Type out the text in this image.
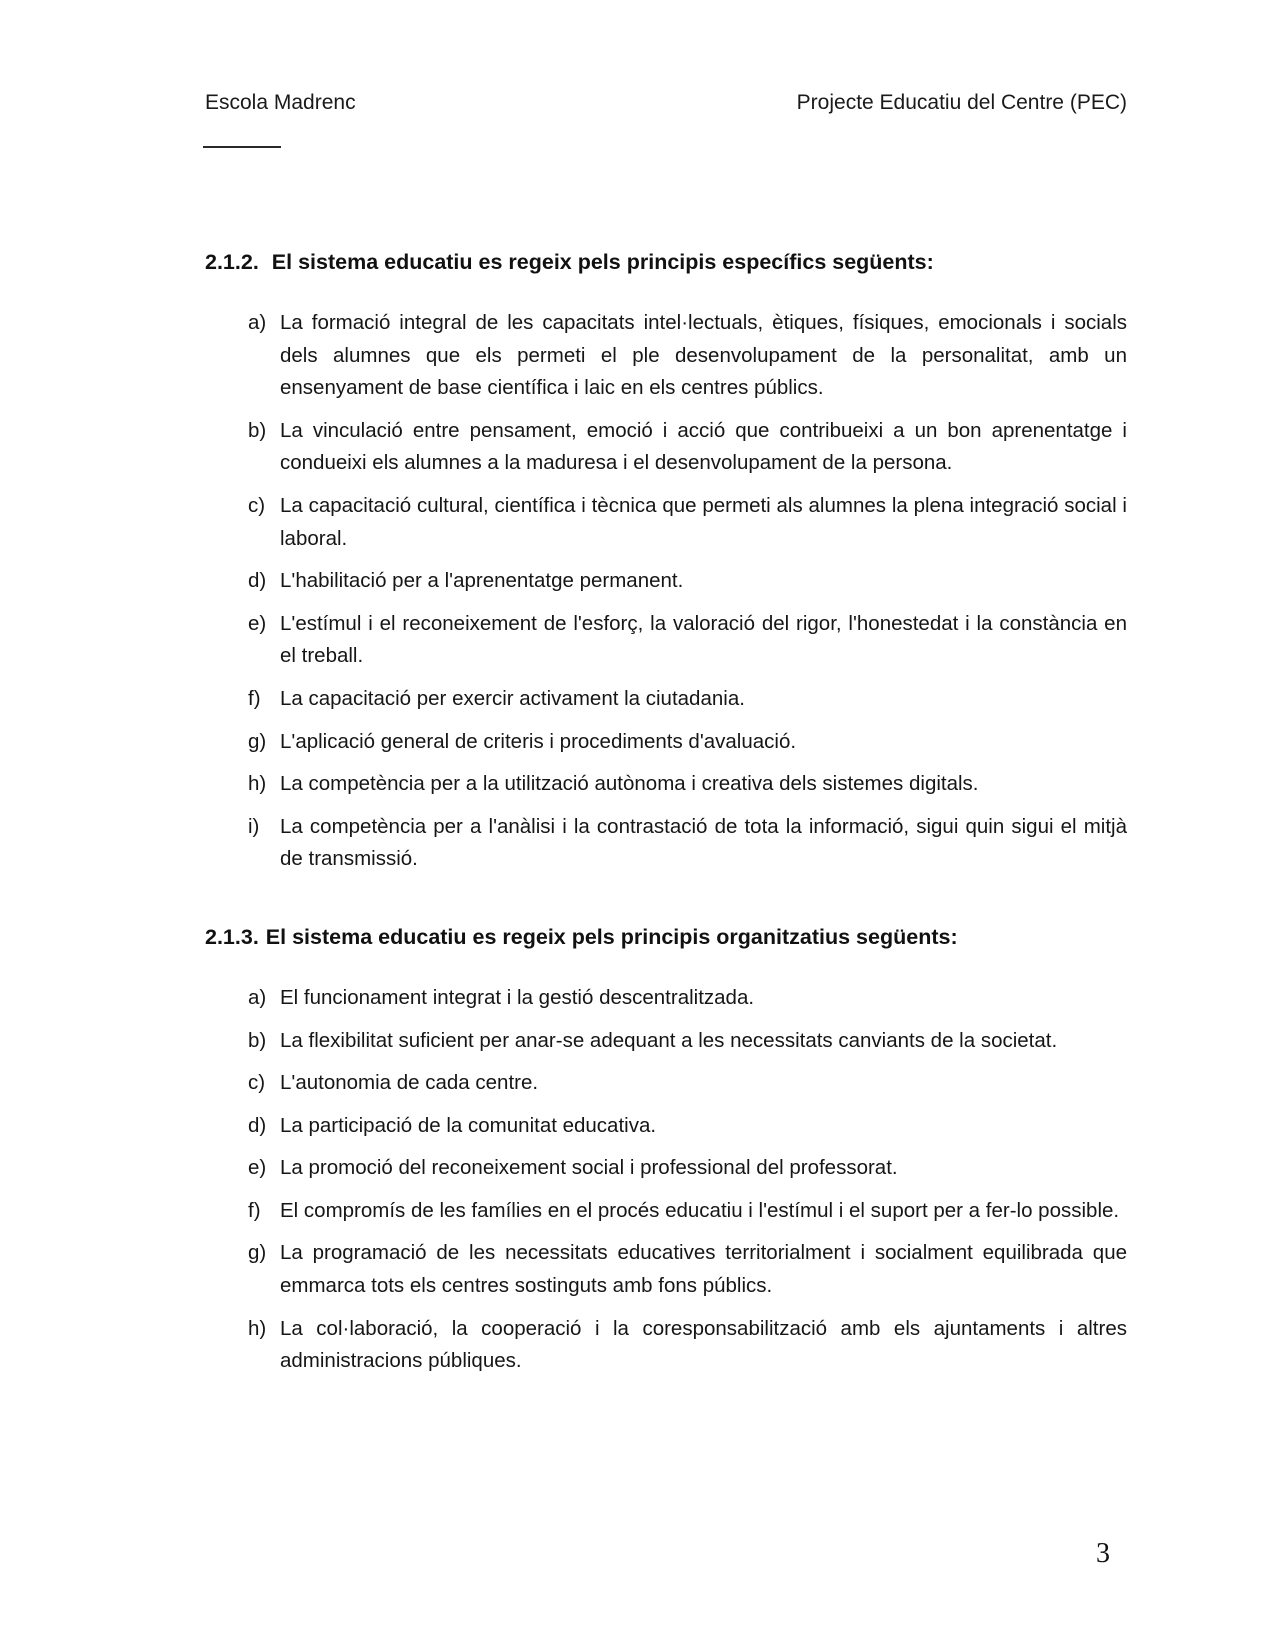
Escola Madrenc	Projecte Educatiu del Centre (PEC)
2.1.2. El sistema educatiu es regeix pels principis específics següents:
a) La formació integral de les capacitats intel·lectuals, ètiques, físiques, emocionals i socials dels alumnes que els permeti el ple desenvolupament de la personalitat, amb un ensenyament de base científica i laic en els centres públics.
b) La vinculació entre pensament, emoció i acció que contribueixi a un bon aprenentatge i condueixi els alumnes a la maduresa i el desenvolupament de la persona.
c) La capacitació cultural, científica i tècnica que permeti als alumnes la plena integració social i laboral.
d) L'habilitació per a l'aprenentatge permanent.
e) L'estímul i el reconeixement de l'esforç, la valoració del rigor, l'honestedat i la constància en el treball.
f) La capacitació per exercir activament la ciutadania.
g) L'aplicació general de criteris i procediments d'avaluació.
h) La competència per a la utilització autònoma i creativa dels sistemes digitals.
i) La competència per a l'anàlisi i la contrastació de tota la informació, sigui quin sigui el mitjà de transmissió.
2.1.3. El sistema educatiu es regeix pels principis organitzatius següents:
a) El funcionament integrat i la gestió descentralitzada.
b) La flexibilitat suficient per anar-se adequant a les necessitats canviants de la societat.
c) L'autonomia de cada centre.
d) La participació de la comunitat educativa.
e) La promoció del reconeixement social i professional del professorat.
f) El compromís de les famílies en el procés educatiu i l'estímul i el suport per a fer-lo possible.
g) La programació de les necessitats educatives territorialment i socialment equilibrada que emmarca tots els centres sostinguts amb fons públics.
h) La col·laboració, la cooperació i la coresponsabilització amb els ajuntaments i altres administracions públiques.
3
